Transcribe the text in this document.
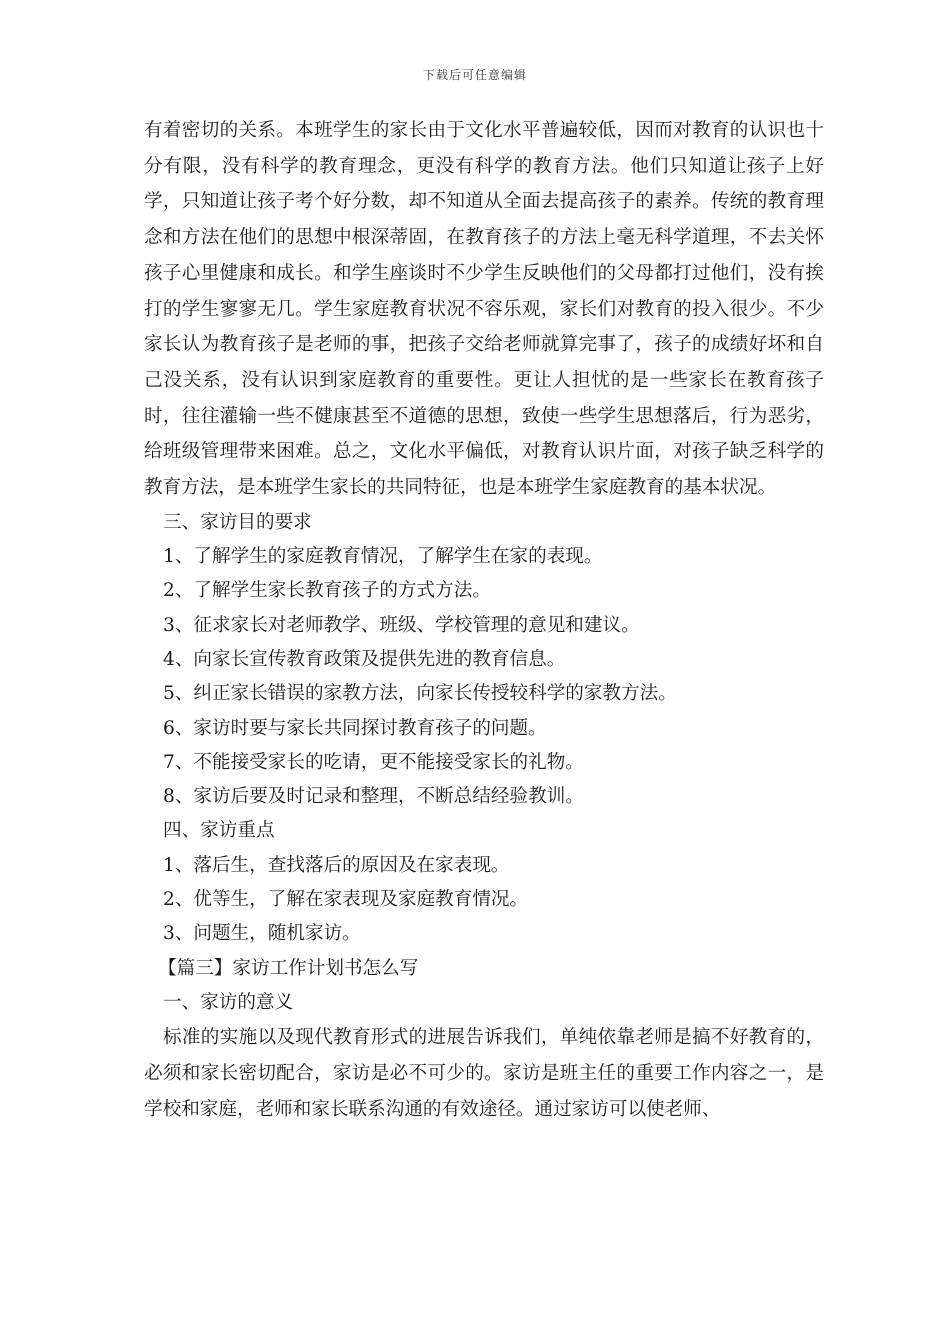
下载后可任意编辑

有着密切的关系。本班学生的家长由于文化水平普遍较低，因而对教育的认识也十分有限，没有科学的教育理念，更没有科学的教育方法。他们只知道让孩子上好学，只知道让孩子考个好分数，却不知道从全面去提高孩子的素养。传统的教育理念和方法在他们的思想中根深蒂固，在教育孩子的方法上毫无科学道理，不去关怀孩子心里健康和成长。和学生座谈时不少学生反映他们的父母都打过他们，没有挨打的学生寥寥无几。学生家庭教育状况不容乐观，家长们对教育的投入很少。不少家长认为教育孩子是老师的事，把孩子交给老师就算完事了，孩子的成绩好坏和自己没关系，没有认识到家庭教育的重要性。更让人担忧的是一些家长在教育孩子时，往往灌输一些不健康甚至不道德的思想，致使一些学生思想落后，行为恶劣，给班级管理带来困难。总之，文化水平偏低，对教育认识片面，对孩子缺乏科学的教育方法，是本班学生家长的共同特征，也是本班学生家庭教育的基本状况。

三、家访目的要求

1、了解学生的家庭教育情况，了解学生在家的表现。

2、了解学生家长教育孩子的方式方法。

3、征求家长对老师教学、班级、学校管理的意见和建议。

4、向家长宣传教育政策及提供先进的教育信息。

5、纠正家长错误的家教方法，向家长传授较科学的家教方法。

6、家访时要与家长共同探讨教育孩子的问题。

7、不能接受家长的吃请，更不能接受家长的礼物。

8、家访后要及时记录和整理，不断总结经验教训。

四、家访重点

1、落后生，查找落后的原因及在家表现。

2、优等生，了解在家表现及家庭教育情况。

3、问题生，随机家访。

【篇三】家访工作计划书怎么写

一、家访的意义

标准的实施以及现代教育形式的进展告诉我们，单纯依靠老师是搞不好教育的，必须和家长密切配合，家访是必不可少的。家访是班主任的重要工作内容之一，是学校和家庭，老师和家长联系沟通的有效途径。通过家访可以使老师、
